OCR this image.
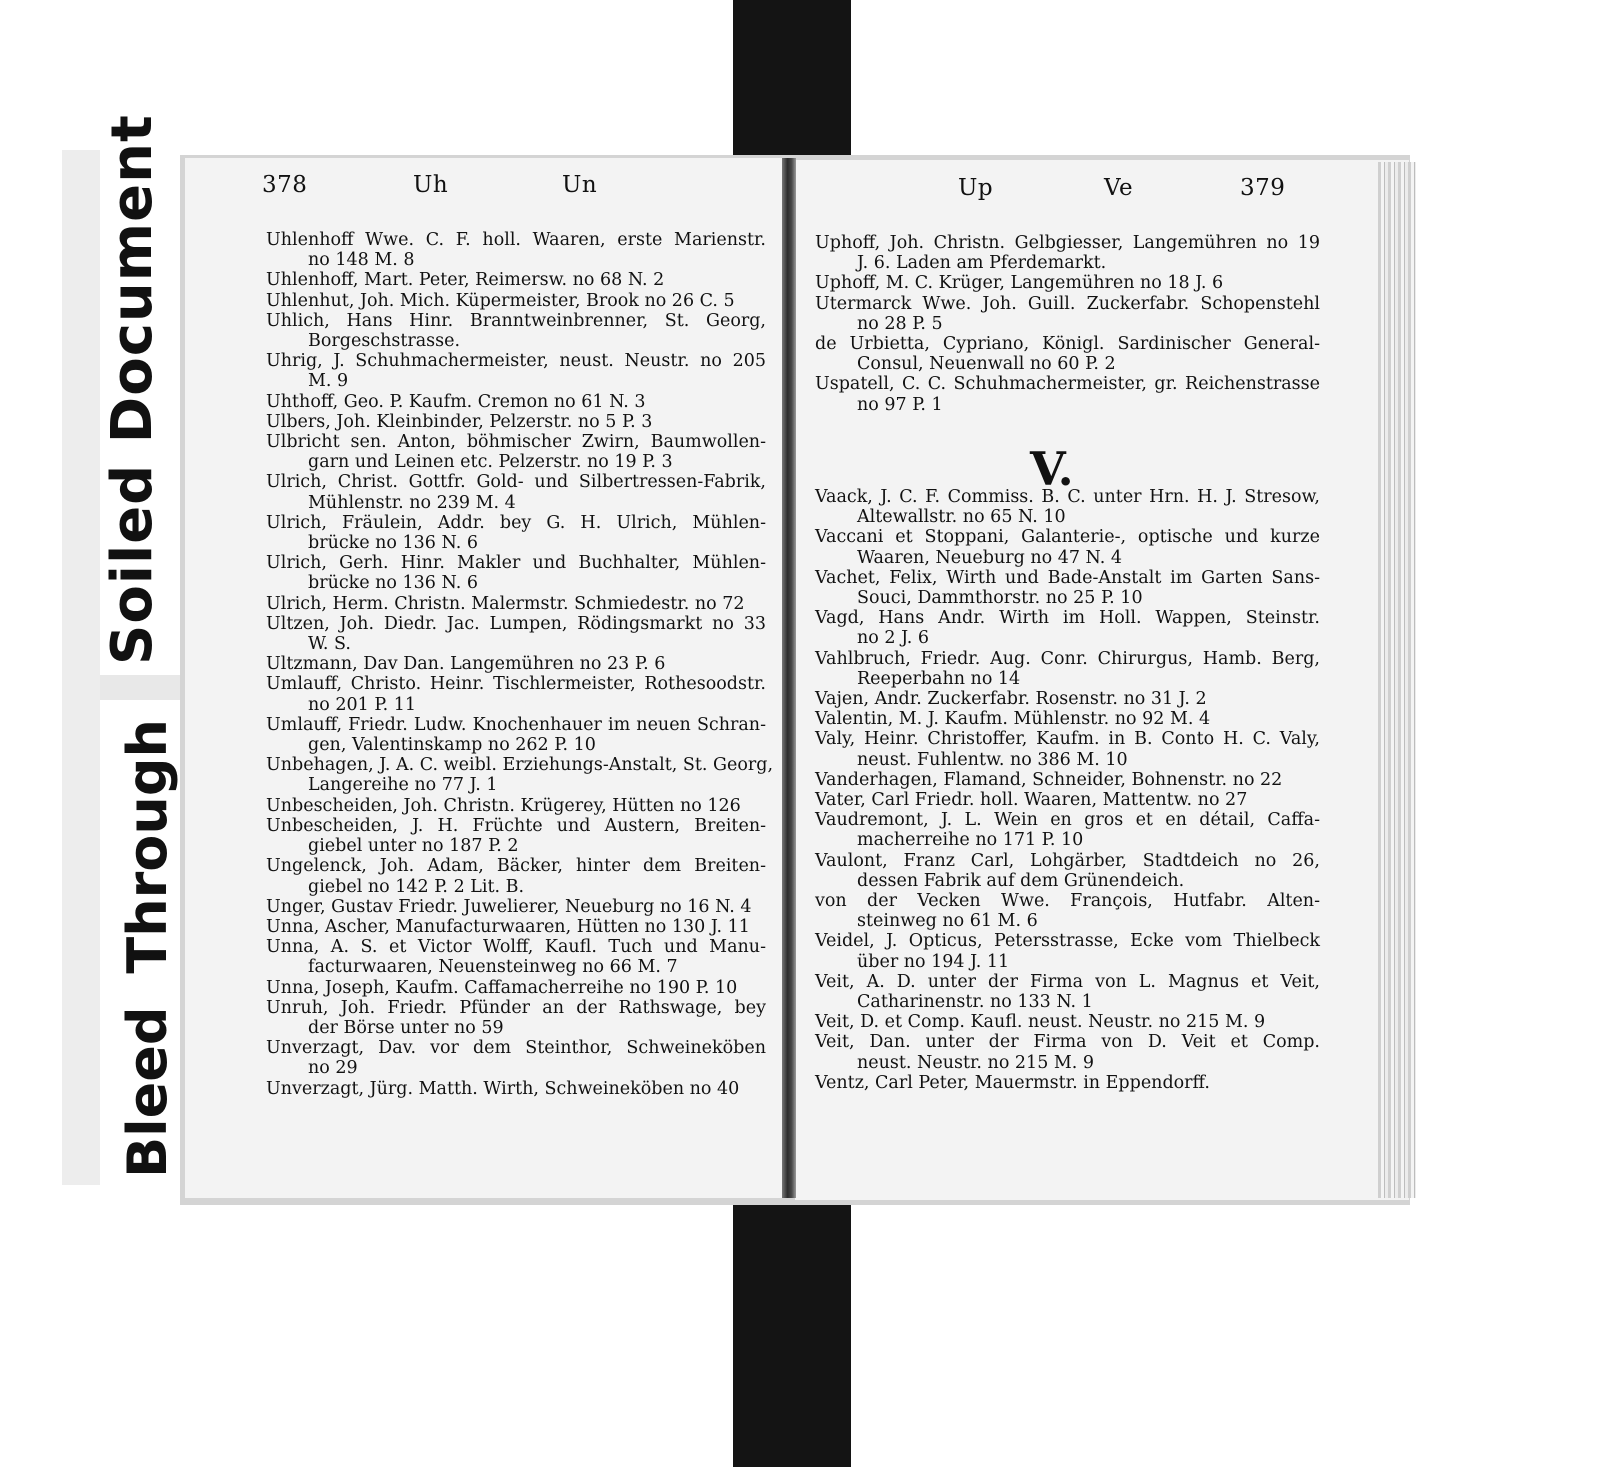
Soiled Document
Bleed Through
378	Uh	Un	Up	Ve	379
Uhlenhoff Wwe. C. F. holl. Waaren, erste Marienstr.
no 148 M. 8
Uhlenhoff, Mart. Peter, Reimersw. no 68 N. 2
Uhlenhut, Joh. Mich. Küpermeister, Brook no 26 C. 5
Uhlich, Hans Hinr. Branntweinbrenner, St. Georg,
Borgeschstrasse.
Uhrig, J. Schuhmachermeister, neust. Neustr. no 205
M. 9
Uhthoff, Geo. P. Kaufm. Cremon no 61 N. 3
Ulbers, Joh. Kleinbinder, Pelzerstr. no 5 P. 3
Ulbricht sen. Anton, böhmischer Zwirn, Baumwollen-
garn und Leinen etc. Pelzerstr. no 19 P. 3
Ulrich, Christ. Gottfr. Gold- und Silbertressen-Fabrik,
Mühlenstr. no 239 M. 4
Ulrich, Fräulein, Addr. bey G. H. Ulrich, Mühlen-
brücke no 136 N. 6
Ulrich, Gerh. Hinr. Makler und Buchhalter, Mühlen-
brücke no 136 N. 6
Ulrich, Herm. Christn. Malermstr. Schmiedestr. no 72
Ultzen, Joh. Diedr. Jac. Lumpen, Rödingsmarkt no 33
W. S.
Ultzmann, Dav Dan. Langemühren no 23 P. 6
Umlauff, Christo. Heinr. Tischlermeister, Rothesoodstr.
no 201 P. 11
Umlauff, Friedr. Ludw. Knochenhauer im neuen Schran-
gen, Valentinskamp no 262 P. 10
Unbehagen, J. A. C. weibl. Erziehungs-Anstalt, St. Georg,
Langereihe no 77 J. 1
Unbescheiden, Joh. Christn. Krügerey, Hütten no 126
Unbescheiden, J. H. Früchte und Austern, Breiten-
giebel unter no 187 P. 2
Ungelenck, Joh. Adam, Bäcker, hinter dem Breiten-
giebel no 142 P. 2 Lit. B.
Unger, Gustav Friedr. Juwelierer, Neueburg no 16 N. 4
Unna, Ascher, Manufacturwaaren, Hütten no 130 J. 11
Unna, A. S. et Victor Wolff, Kaufl. Tuch und Manu-
facturwaaren, Neuensteinweg no 66 M. 7
Unna, Joseph, Kaufm. Caffamacherreihe no 190 P. 10
Unruh, Joh. Friedr. Pfünder an der Rathswage, bey
der Börse unter no 59
Unverzagt, Dav. vor dem Steinthor, Schweineköben
no 29
Unverzagt, Jürg. Matth. Wirth, Schweineköben no 40
Uphoff, Joh. Christn. Gelbgiesser, Langemühren no 19
J. 6. Laden am Pferdemarkt.
Uphoff, M. C. Krüger, Langemühren no 18 J. 6
Utermarck Wwe. Joh. Guill. Zuckerfabr. Schopenstehl
no 28 P. 5
de Urbietta, Cypriano, Königl. Sardinischer General-
Consul, Neuenwall no 60 P. 2
Uspatell, C. C. Schuhmachermeister, gr. Reichenstrasse
no 97 P. 1
V.
Vaack, J. C. F. Commiss. B. C. unter Hrn. H. J. Stresow,
Altewallstr. no 65 N. 10
Vaccani et Stoppani, Galanterie-, optische und kurze
Waaren, Neueburg no 47 N. 4
Vachet, Felix, Wirth und Bade-Anstalt im Garten Sans-
Souci, Dammthorstr. no 25 P. 10
Vagd, Hans Andr. Wirth im Holl. Wappen, Steinstr.
no 2 J. 6
Vahlbruch, Friedr. Aug. Conr. Chirurgus, Hamb. Berg,
Reeperbahn no 14
Vajen, Andr. Zuckerfabr. Rosenstr. no 31 J. 2
Valentin, M. J. Kaufm. Mühlenstr. no 92 M. 4
Valy, Heinr. Christoffer, Kaufm. in B. Conto H. C. Valy,
neust. Fuhlentw. no 386 M. 10
Vanderhagen, Flamand, Schneider, Bohnenstr. no 22
Vater, Carl Friedr. holl. Waaren, Mattentw. no 27
Vaudremont, J. L. Wein en gros et en détail, Caffa-
macherreihe no 171 P. 10
Vaulont, Franz Carl, Lohgärber, Stadtdeich no 26,
dessen Fabrik auf dem Grünendeich.
von der Vecken Wwe. François, Hutfabr. Alten-
steinweg no 61 M. 6
Veidel, J. Opticus, Petersstrasse, Ecke vom Thielbeck
über no 194 J. 11
Veit, A. D. unter der Firma von L. Magnus et Veit,
Catharinenstr. no 133 N. 1
Veit, D. et Comp. Kaufl. neust. Neustr. no 215 M. 9
Veit, Dan. unter der Firma von D. Veit et Comp.
neust. Neustr. no 215 M. 9
Ventz, Carl Peter, Mauermstr. in Eppendorff.
